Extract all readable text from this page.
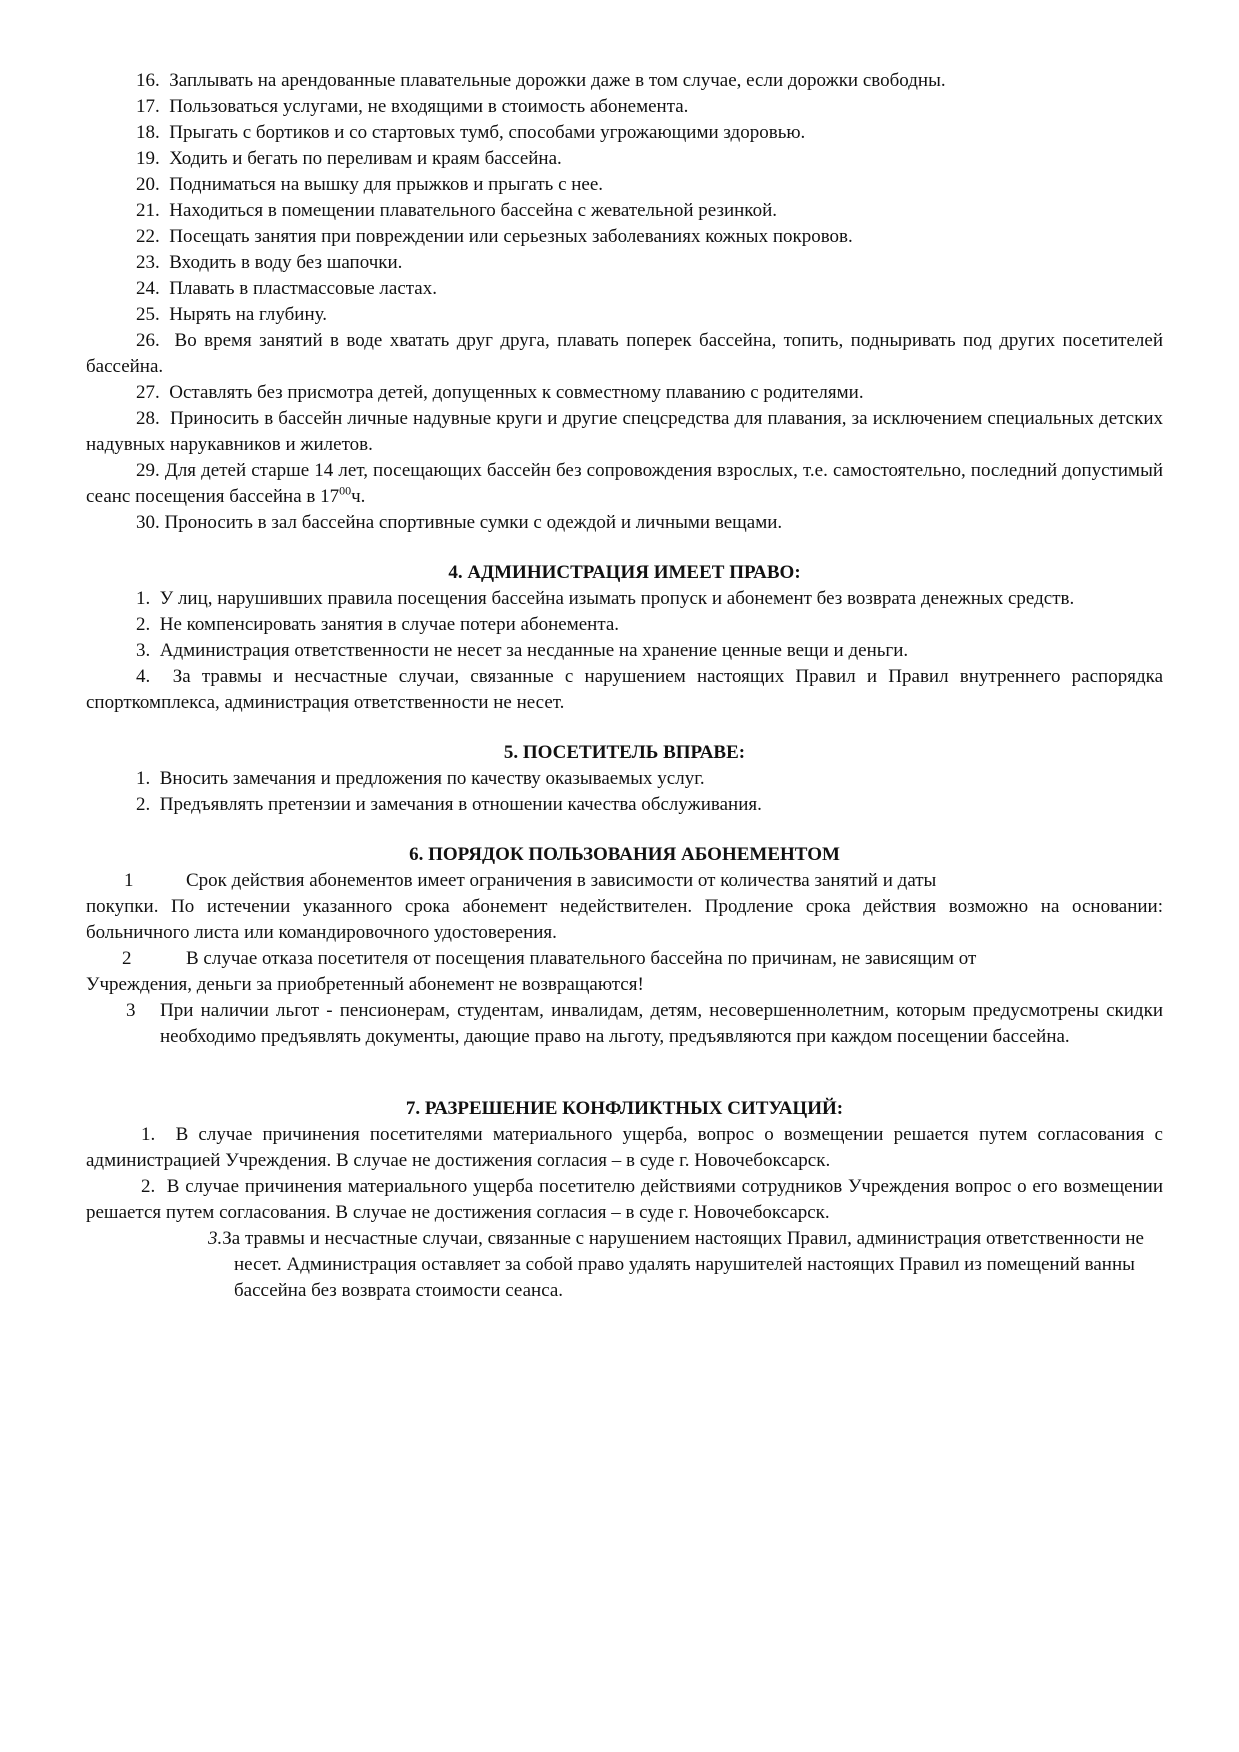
16. Заплывать на арендованные плавательные дорожки даже в том случае, если дорожки свободны.

17. Пользоваться услугами, не входящими в стоимость абонемента.

18. Прыгать с бортиков и со стартовых тумб, способами угрожающими здоровью.

19. Ходить и бегать по переливам и краям бассейна.

20. Подниматься на вышку для прыжков и прыгать с нее.

21. Находиться в помещении плавательного бассейна с жевательной резинкой.

22. Посещать занятия при повреждении или серьезных заболеваниях кожных покровов.

23. Входить в воду без шапочки.

24. Плавать в пластмассовые ластах.

25. Нырять на глубину.

26. Во время занятий в воде хватать друг друга, плавать поперек бассейна, топить, подныривать под других посетителей бассейна.

27. Оставлять без присмотра детей, допущенных к совместному плаванию с родителями.

28. Приносить в бассейн личные надувные круги и другие спецсредства для плавания, за исключением специальных детских надувных нарукавников и жилетов.

29. Для детей старше 14 лет, посещающих бассейн без сопровождения взрослых, т.е. самостоятельно, последний допустимый сеанс посещения бассейна в $17^{00}ч$.

30. Проносить в зал бассейна спортивные сумки с одеждой и личными вещами.

4. АДМИНИСТРАЦИЯ ИМЕЕТ ПРАВО:

1. У лиц, нарушивших правила посещения бассейна изымать пропуск и абонемент без возврата денежных средств.

2. Не компенсировать занятия в случае потери абонемента.

3. Администрация ответственности не несет за несданные на хранение ценные вещи и деньги.

4. За травмы и несчастные случаи, связанные с нарушением настоящих Правил и Правил внутреннего распорядка спорткомплекса, администрация ответственности не несет.

5. ПОСЕТИТЕЛЬ ВПРАВЕ:

1. Вносить замечания и предложения по качеству оказываемых услуг.

2. Предъявлять претензии и замечания в отношении качества обслуживания.

6. ПОРЯДОК ПОЛЬЗОВАНИЯ АБОНЕМЕНТОМ
1	Срок действия абонементов имеет ограничения в зависимости от количества занятий и даты

покупки. По истечении указанного срока абонемент недействителен. Продление срока действия возможно на основании: больничного листа или командировочного удостоверения.

2	В случае отказа посетителя от посещения плавательного бассейна по причинам, не зависящим от

Учреждения, деньги за приобретенный абонемент не возвращаются!

3	При наличии льгот - пенсионерам, студентам, инвалидам, детям, несовершеннолетним, которым предусмотрены скидки необходимо предъявлять документы, дающие право на льготу, предъявляются при каждом посещении бассейна.
7. РАЗРЕШЕНИЕ КОНФЛИКТНЫХ СИТУАЦИЙ:

1. В случае причинения посетителями материального ущерба, вопрос о возмещении решается путем согласования с администрацией Учреждения. В случае не достижения согласия – в суде г. Новочебоксарск.

2. В случае причинения материального ущерба посетителю действиями сотрудников Учреждения вопрос о его возмещении решается путем согласования. В случае не достижения согласия – в суде г. Новочебоксарск.

3.За травмы и несчастные случаи, связанные с нарушением настоящих Правил, администрация ответственности не несет. Администрация оставляет за собой право удалять нарушителей настоящих Правил из помещений ванны бассейна без возврата стоимости сеанса.
